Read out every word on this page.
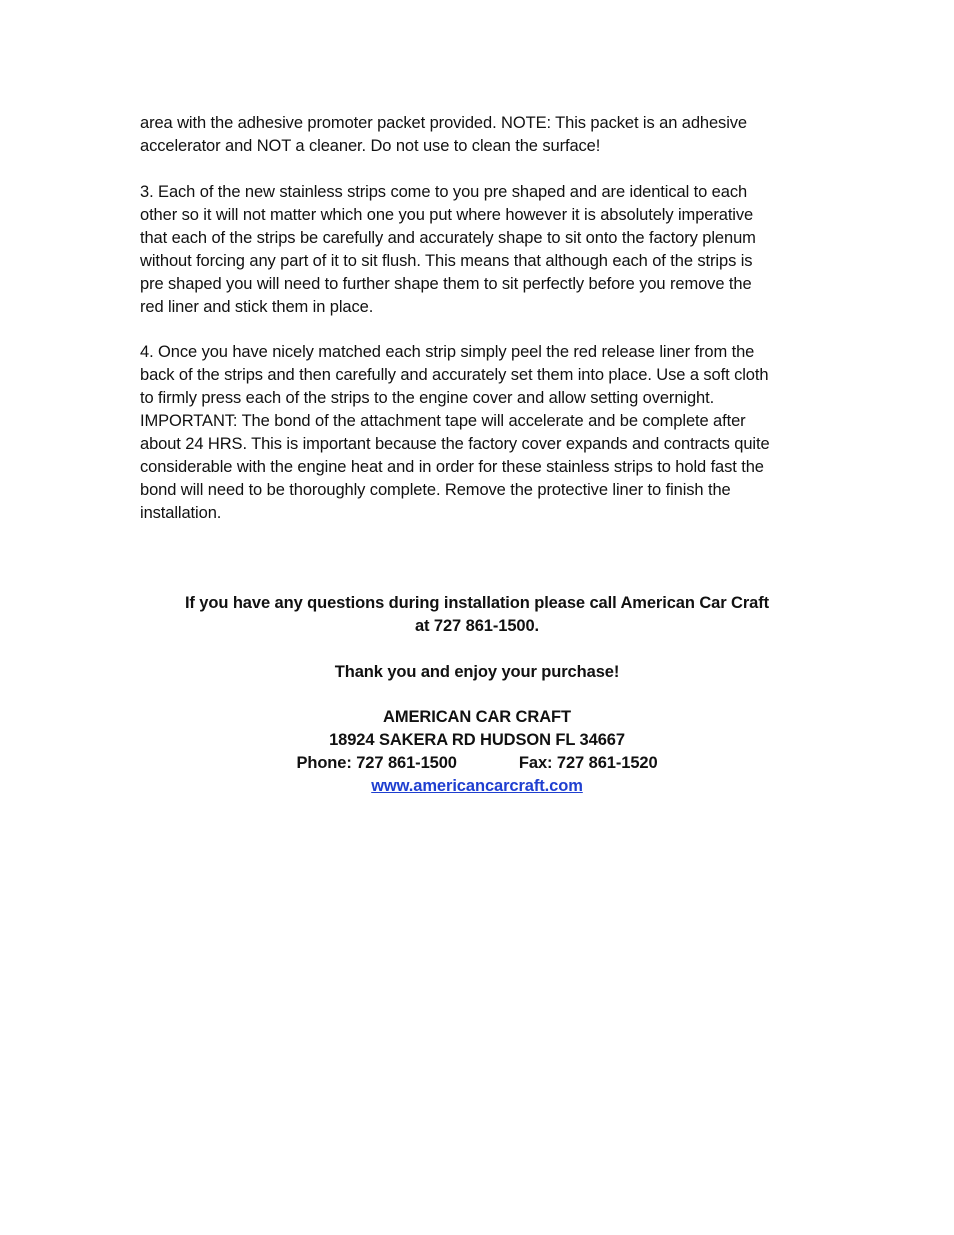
area with the adhesive promoter packet provided. NOTE: This packet is an adhesive
accelerator and NOT a cleaner. Do not use to clean the surface!
3. Each of the new stainless strips come to you pre shaped and are identical to each
other so it will not matter which one you put where however it is absolutely imperative
that each of the strips be carefully and accurately shape to sit onto the factory plenum
without forcing any part of it to sit flush. This means that although each of the strips is
pre shaped you will need to further shape them to sit perfectly before you remove the
red liner and stick them in place.
4. Once you have nicely matched each strip simply peel the red release liner from the
back of the strips and then carefully and accurately set them into place. Use a soft cloth
to firmly press each of the strips to the engine cover and allow setting overnight.
IMPORTANT: The bond of the attachment tape will accelerate and be complete after
about 24 HRS. This is important because the factory cover expands and contracts quite
considerable with the engine heat and in order for these stainless strips to hold fast the
bond will need to be thoroughly complete. Remove the protective liner to finish the
installation.
If you have any questions during installation please call American Car Craft
at 727 861-1500.
Thank you and enjoy your purchase!
AMERICAN CAR CRAFT
18924 SAKERA RD HUDSON FL 34667
Phone: 727 861-1500	Fax: 727 861-1520
www.americancarcraft.com
